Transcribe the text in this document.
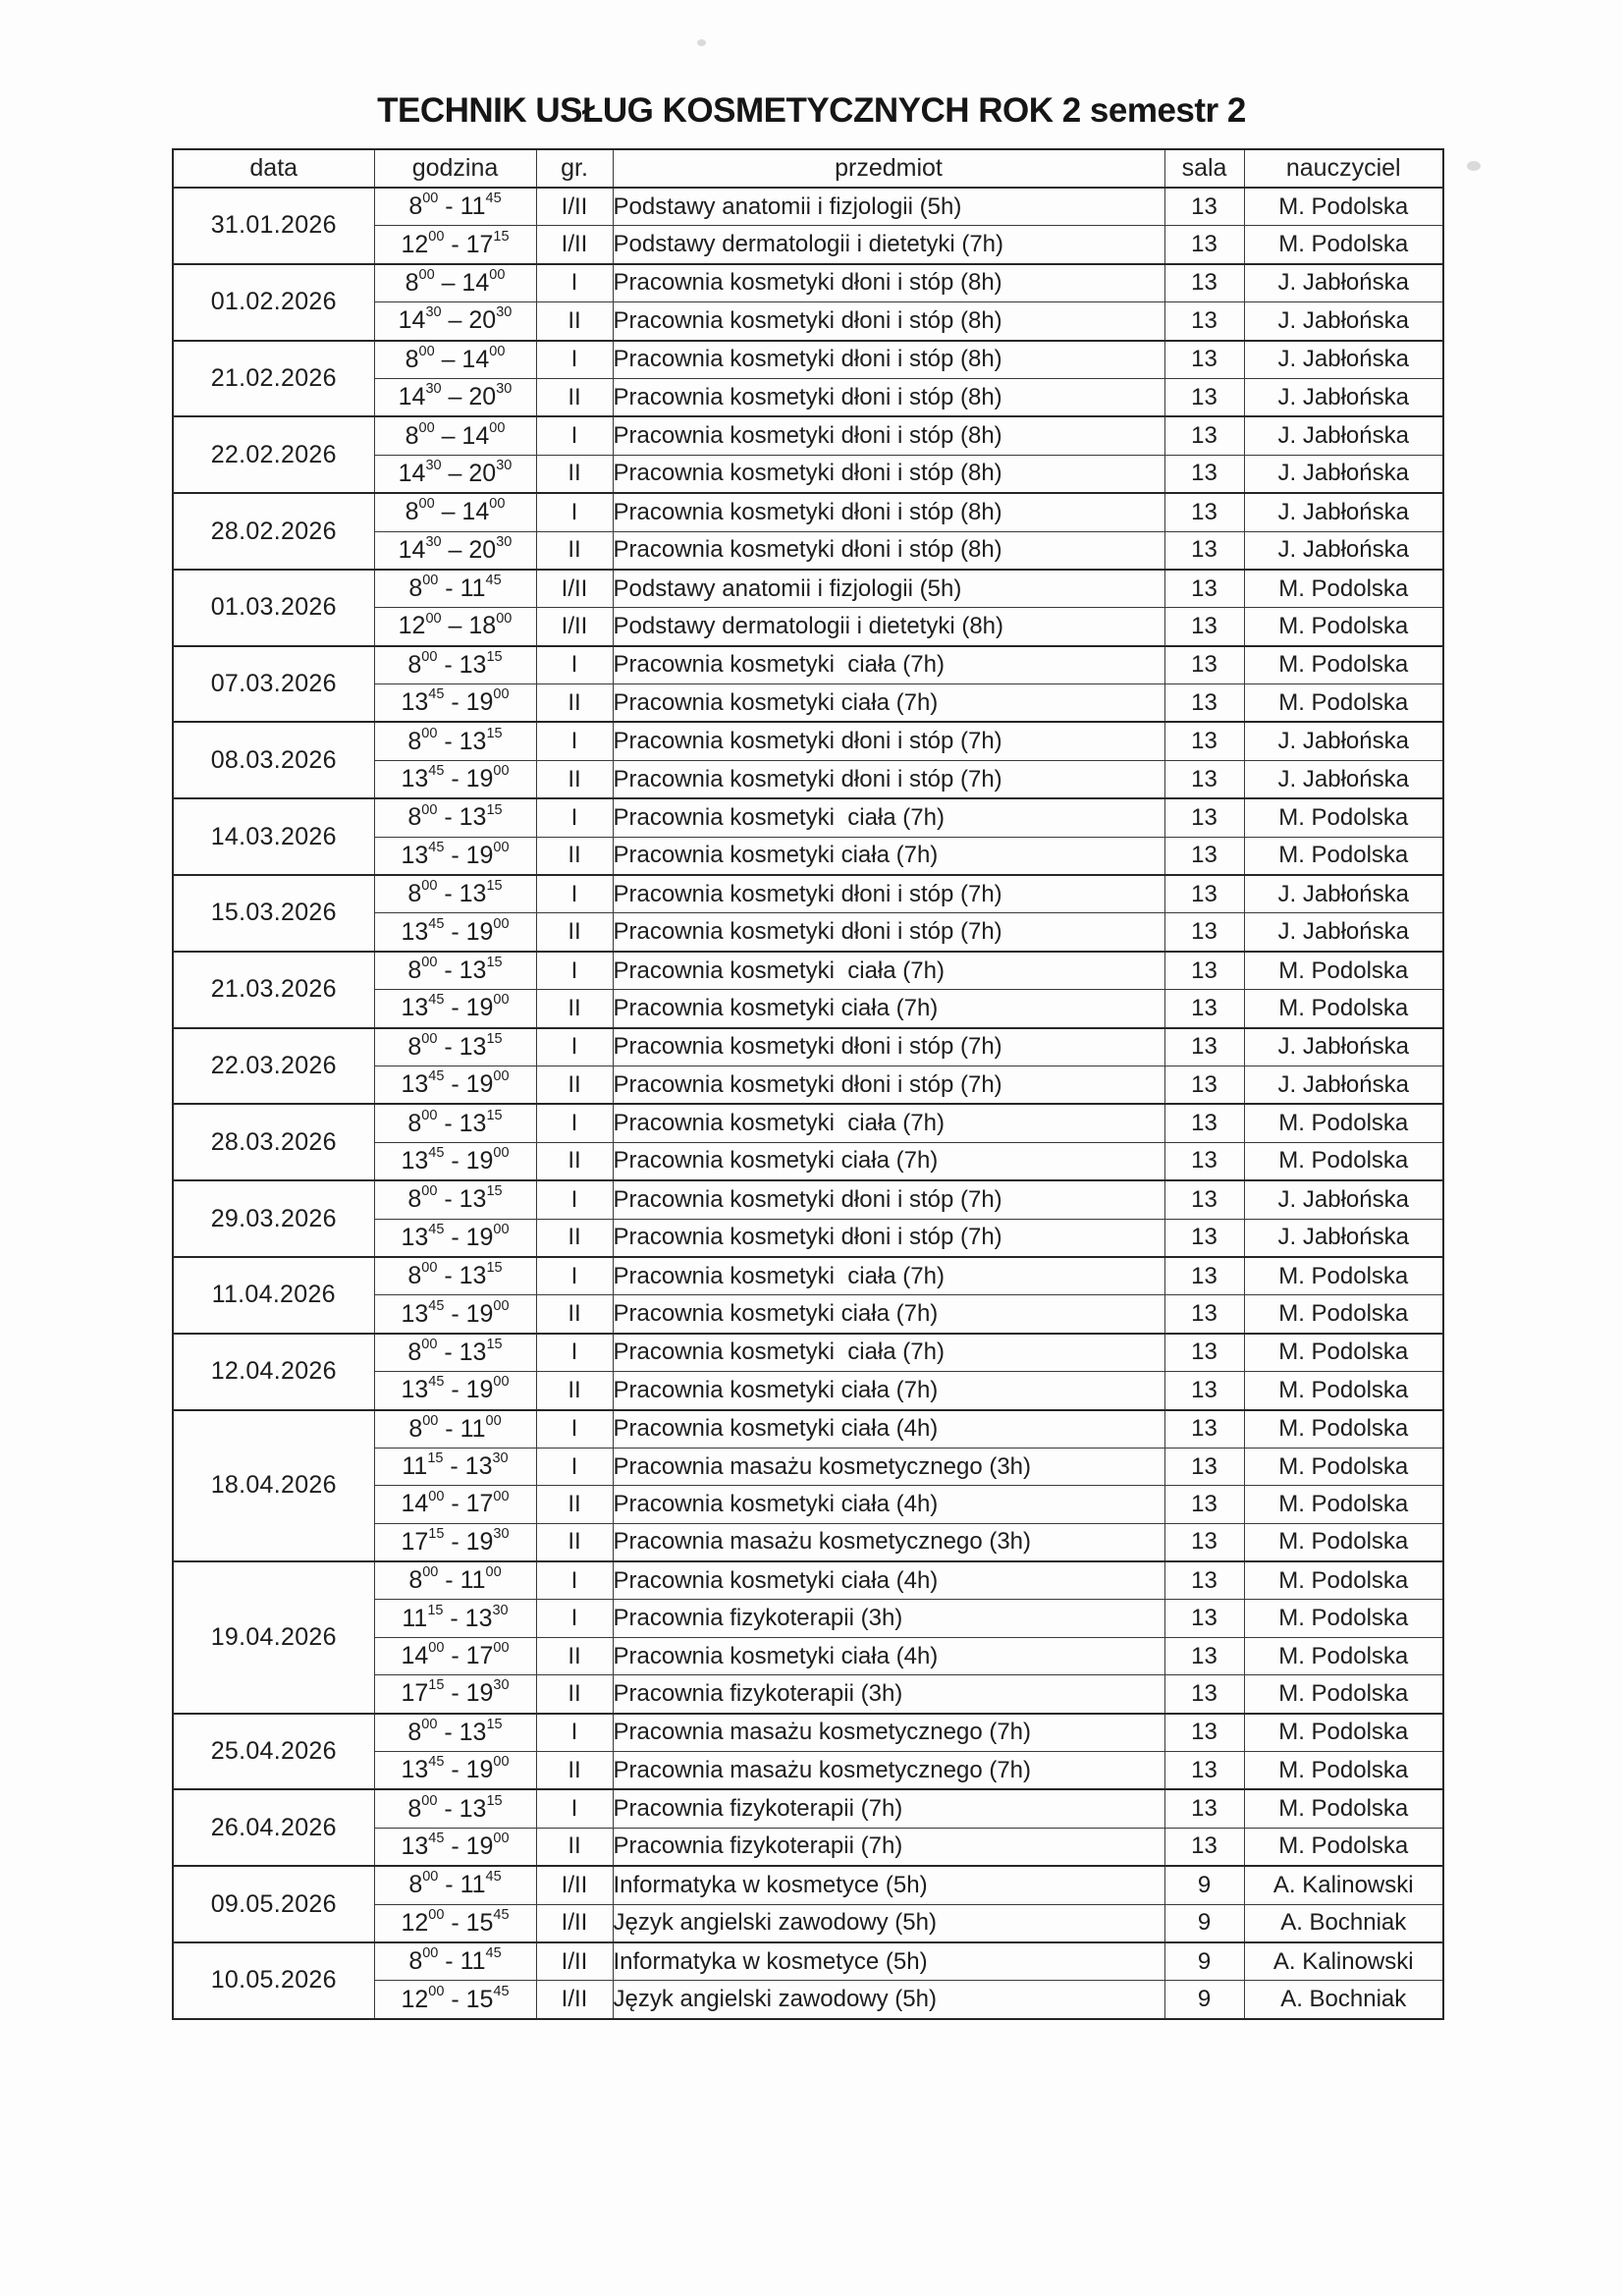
TECHNIK USŁUG KOSMETYCZNYCH ROK 2 semestr 2
data	godzina	gr.	przedmiot	sala	nauczyciel
31.01.2026	$8^{00} - 11^{45}$	I/II	Podstawy anatomii i fizjologii (5h)	13	M. Podolska
	$12^{00} - 17^{15}$	I/II	Podstawy dermatologii i dietetyki (7h)	13	M. Podolska
01.02.2026	$8^{00} - 14^{00}$	I	Pracownia kosmetyki dłoni i stóp (8h)	13	J. Jabłońska
	$14^{30} - 20^{30}$	II	Pracownia kosmetyki dłoni i stóp (8h)	13	J. Jabłońska
21.02.2026	$8^{00} - 14^{00}$	I	Pracownia kosmetyki dłoni i stóp (8h)	13	J. Jabłońska
	$14^{30} - 20^{30}$	II	Pracownia kosmetyki dłoni i stóp (8h)	13	J. Jabłońska
22.02.2026	$8^{00} - 14^{00}$	I	Pracownia kosmetyki dłoni i stóp (8h)	13	J. Jabłońska
	$14^{30} - 20^{30}$	II	Pracownia kosmetyki dłoni i stóp (8h)	13	J. Jabłońska
28.02.2026	$8^{00} - 14^{00}$	I	Pracownia kosmetyki dłoni i stóp (8h)	13	J. Jabłońska
	$14^{30} - 20^{30}$	II	Pracownia kosmetyki dłoni i stóp (8h)	13	J. Jabłońska
01.03.2026	$8^{00} - 11^{45}$	I/II	Podstawy anatomii i fizjologii (5h)	13	M. Podolska
	$12^{00} - 18^{00}$	I/II	Podstawy dermatologii i dietetyki (8h)	13	M. Podolska
07.03.2026	$8^{00} - 13^{15}$	I	Pracownia kosmetyki  ciała (7h)	13	M. Podolska
	$13^{45} - 19^{00}$	II	Pracownia kosmetyki ciała (7h)	13	M. Podolska
08.03.2026	$8^{00} - 13^{15}$	I	Pracownia kosmetyki dłoni i stóp (7h)	13	J. Jabłońska
	$13^{45} - 19^{00}$	II	Pracownia kosmetyki dłoni i stóp (7h)	13	J. Jabłońska
14.03.2026	$8^{00} - 13^{15}$	I	Pracownia kosmetyki  ciała (7h)	13	M. Podolska
	$13^{45} - 19^{00}$	II	Pracownia kosmetyki ciała (7h)	13	M. Podolska
15.03.2026	$8^{00} - 13^{15}$	I	Pracownia kosmetyki dłoni i stóp (7h)	13	J. Jabłońska
	$13^{45} - 19^{00}$	II	Pracownia kosmetyki dłoni i stóp (7h)	13	J. Jabłońska
21.03.2026	$8^{00} - 13^{15}$	I	Pracownia kosmetyki  ciała (7h)	13	M. Podolska
	$13^{45} - 19^{00}$	II	Pracownia kosmetyki ciała (7h)	13	M. Podolska
22.03.2026	$8^{00} - 13^{15}$	I	Pracownia kosmetyki dłoni i stóp (7h)	13	J. Jabłońska
	$13^{45} - 19^{00}$	II	Pracownia kosmetyki dłoni i stóp (7h)	13	J. Jabłońska
28.03.2026	$8^{00} - 13^{15}$	I	Pracownia kosmetyki  ciała (7h)	13	M. Podolska
	$13^{45} - 19^{00}$	II	Pracownia kosmetyki ciała (7h)	13	M. Podolska
29.03.2026	$8^{00} - 13^{15}$	I	Pracownia kosmetyki dłoni i stóp (7h)	13	J. Jabłońska
	$13^{45} - 19^{00}$	II	Pracownia kosmetyki dłoni i stóp (7h)	13	J. Jabłońska
11.04.2026	$8^{00} - 13^{15}$	I	Pracownia kosmetyki  ciała (7h)	13	M. Podolska
	$13^{45} - 19^{00}$	II	Pracownia kosmetyki ciała (7h)	13	M. Podolska
12.04.2026	$8^{00} - 13^{15}$	I	Pracownia kosmetyki  ciała (7h)	13	M. Podolska
	$13^{45} - 19^{00}$	II	Pracownia kosmetyki ciała (7h)	13	M. Podolska
18.04.2026	$8^{00} - 11^{00}$	I	Pracownia kosmetyki ciała (4h)	13	M. Podolska
	$11^{15} - 13^{30}$	I	Pracownia masażu kosmetycznego (3h)	13	M. Podolska
	$14^{00} - 17^{00}$	II	Pracownia kosmetyki ciała (4h)	13	M. Podolska
	$17^{15} - 19^{30}$	II	Pracownia masażu kosmetycznego (3h)	13	M. Podolska
19.04.2026	$8^{00} - 11^{00}$	I	Pracownia kosmetyki ciała (4h)	13	M. Podolska
	$11^{15} - 13^{30}$	I	Pracownia fizykoterapii (3h)	13	M. Podolska
	$14^{00} - 17^{00}$	II	Pracownia kosmetyki ciała (4h)	13	M. Podolska
	$17^{15} - 19^{30}$	II	Pracownia fizykoterapii (3h)	13	M. Podolska
25.04.2026	$8^{00} - 13^{15}$	I	Pracownia masażu kosmetycznego (7h)	13	M. Podolska
	$13^{45} - 19^{00}$	II	Pracownia masażu kosmetycznego (7h)	13	M. Podolska
26.04.2026	$8^{00} - 13^{15}$	I	Pracownia fizykoterapii (7h)	13	M. Podolska
	$13^{45} - 19^{00}$	II	Pracownia fizykoterapii (7h)	13	M. Podolska
09.05.2026	$8^{00} - 11^{45}$	I/II	Informatyka w kosmetyce (5h)	9	A. Kalinowski
	$12^{00} - 15^{45}$	I/II	Język angielski zawodowy (5h)	9	A. Bochniak
10.05.2026	$8^{00} - 11^{45}$	I/II	Informatyka w kosmetyce (5h)	9	A. Kalinowski
	$12^{00} - 15^{45}$	I/II	Język angielski zawodowy (5h)	9	A. Bochniak
